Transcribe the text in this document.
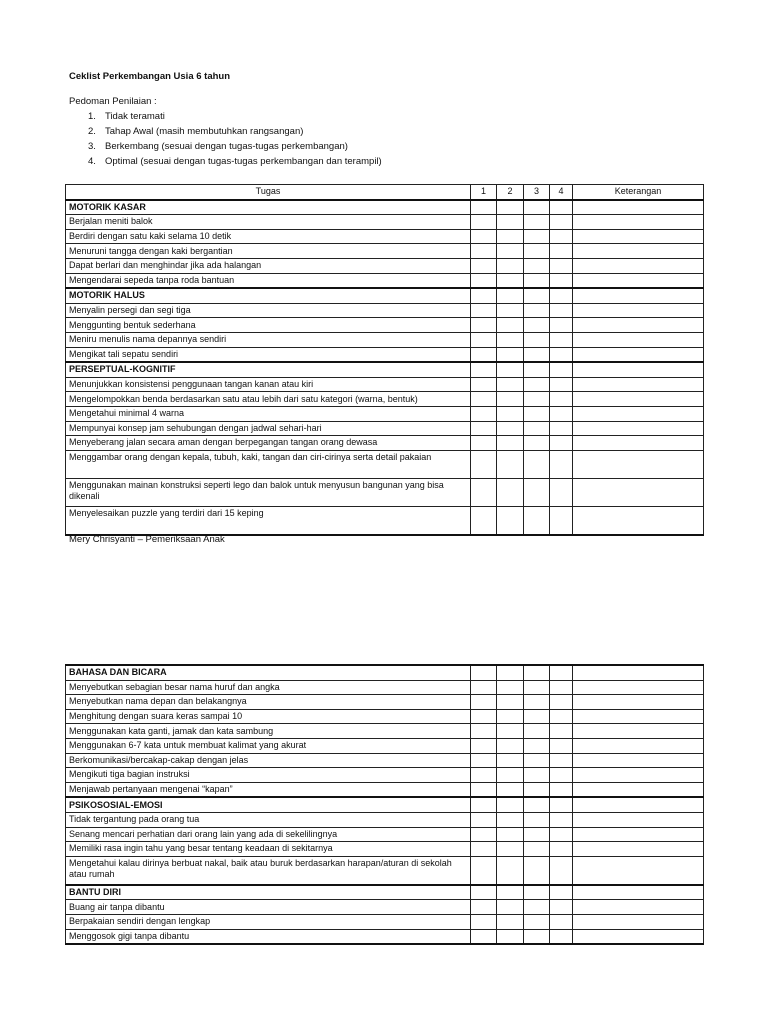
Ceklist Perkembangan Usia 6 tahun
Pedoman Penilaian :
1. Tidak teramati
2. Tahap Awal (masih membutuhkan rangsangan)
3. Berkembang (sesuai dengan tugas-tugas perkembangan)
4. Optimal (sesuai dengan tugas-tugas perkembangan dan terampil)
Tugas	1	2	3	4	Keterangan
MOTORIK KASAR					
Berjalan meniti balok					
Berdiri dengan satu kaki selama 10 detik					
Menuruni tangga dengan kaki bergantian					
Dapat berlari dan menghindar jika ada halangan					
Mengendarai sepeda tanpa roda bantuan					
MOTORIK HALUS					
Menyalin persegi dan segi tiga					
Menggunting bentuk sederhana					
Meniru menulis nama depannya sendiri					
Mengikat tali sepatu sendiri					
PERSEPTUAL-KOGNITIF					
Menunjukkan konsistensi penggunaan tangan kanan atau kiri					
Mengelompokkan benda berdasarkan satu atau lebih dari satu kategori (warna, bentuk)					
Mengetahui minimal 4 warna					
Mempunyai konsep jam sehubungan dengan jadwal sehari-hari					
Menyeberang jalan secara aman dengan berpegangan tangan orang dewasa					
Menggambar orang dengan kepala, tubuh, kaki, tangan dan ciri-cirinya serta detail pakaian					
Menggunakan mainan konstruksi seperti lego dan balok untuk menyusun bangunan yang bisa dikenali					
Menyelesaikan puzzle yang terdiri dari 15 keping					
Mery Chrisyanti – Pemeriksaan Anak
BAHASA DAN BICARA					
Menyebutkan sebagian besar nama huruf dan angka					
Menyebutkan nama depan dan belakangnya					
Menghitung dengan suara keras sampai 10					
Menggunakan kata ganti, jamak dan kata sambung					
Menggunakan 6-7 kata untuk membuat kalimat yang akurat					
Berkomunikasi/bercakap-cakap dengan jelas					
Mengikuti tiga bagian instruksi					
Menjawab pertanyaan mengenai “kapan”					
PSIKOSOSIAL-EMOSI					
Tidak tergantung pada orang tua					
Senang mencari perhatian dari orang lain yang ada di sekelilingnya					
Memiliki rasa ingin tahu yang besar tentang keadaan di sekitarnya					
Mengetahui kalau dirinya berbuat nakal, baik atau buruk berdasarkan harapan/aturan di sekolah atau rumah					
BANTU DIRI					
Buang air tanpa dibantu					
Berpakaian sendiri dengan lengkap					
Menggosok gigi tanpa dibantu					
